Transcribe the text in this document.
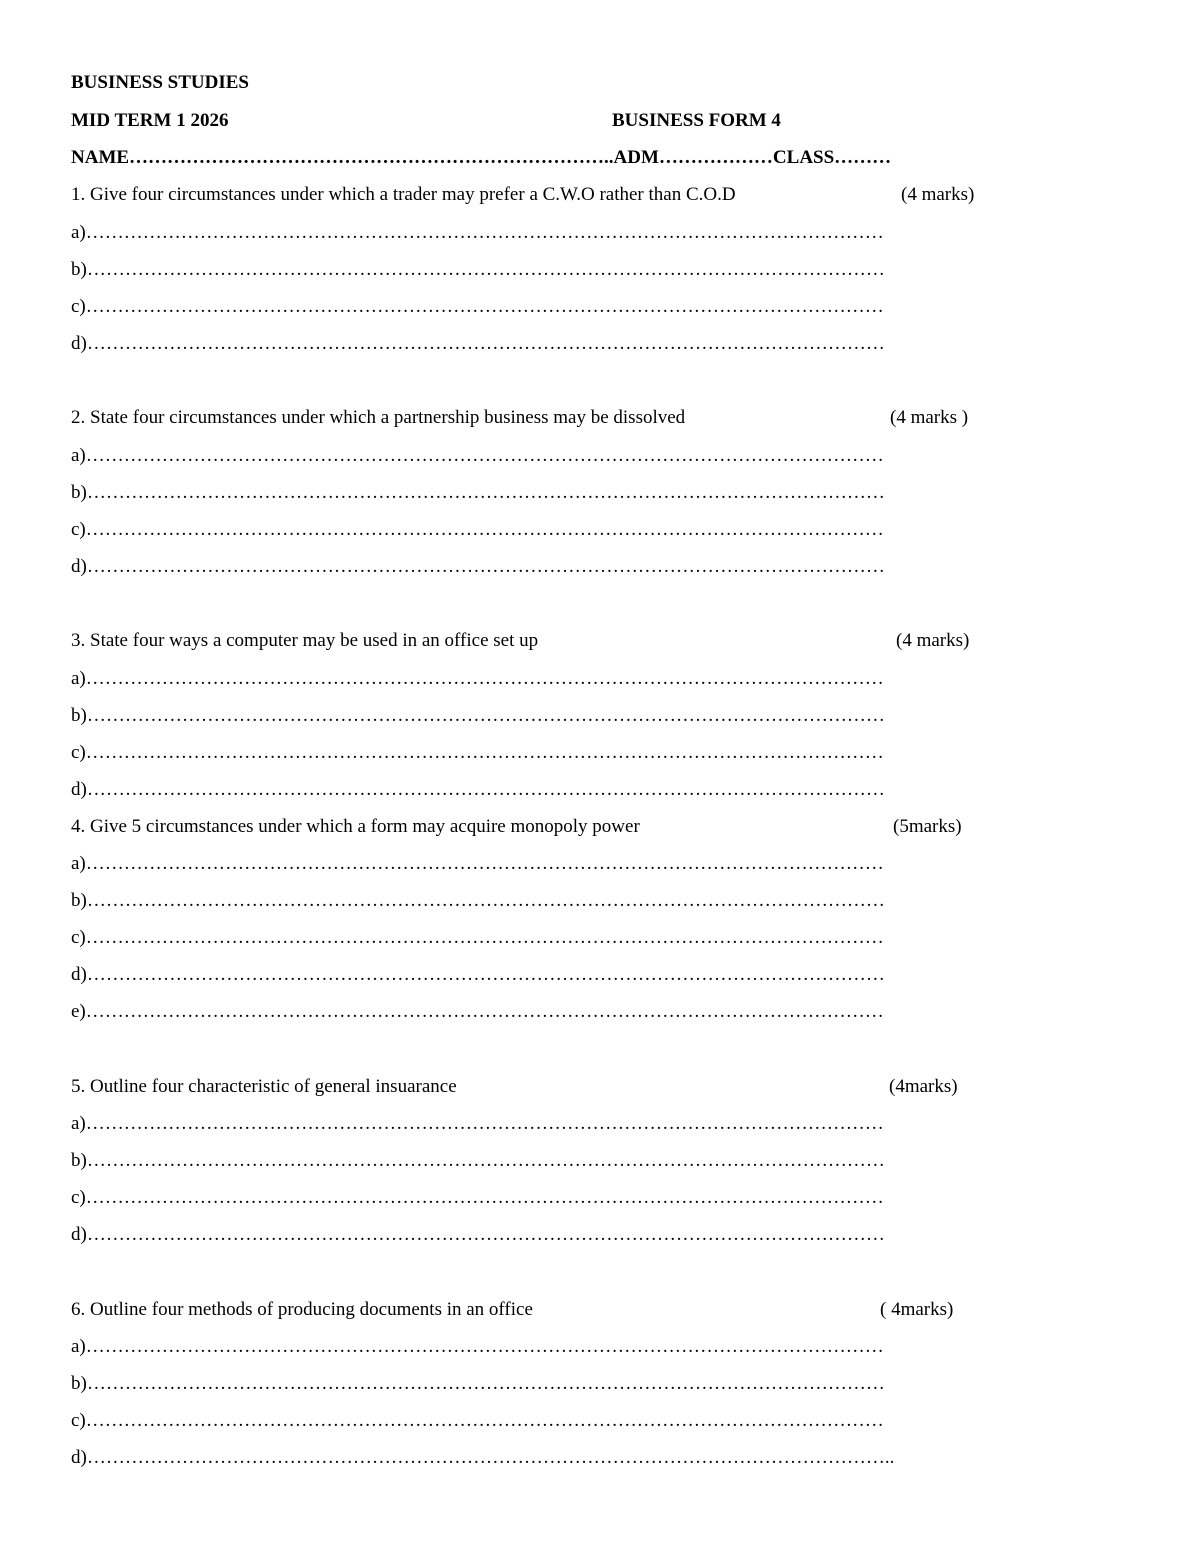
BUSINESS STUDIES
MID TERM 1 2026	BUSINESS FORM 4
NAME…………………………………………………………………..ADM………………CLASS………
1. Give four circumstances under which a trader may prefer a C.W.O rather than C.O.D	(4 marks)
a)………………………………………………………………………………………………………………
b)………………………………………………………………………………………………………………
c)………………………………………………………………………………………………………………
d)………………………………………………………………………………………………………………
2. State four circumstances under which a partnership business may be dissolved	(4 marks )
a)………………………………………………………………………………………………………………
b)………………………………………………………………………………………………………………
c)………………………………………………………………………………………………………………
d)………………………………………………………………………………………………………………
3. State four ways a computer may be used in an office set up	(4 marks)
a)………………………………………………………………………………………………………………
b)………………………………………………………………………………………………………………
c)………………………………………………………………………………………………………………
d)………………………………………………………………………………………………………………
4. Give 5 circumstances under which a form may acquire monopoly power	(5marks)
a)………………………………………………………………………………………………………………
b)………………………………………………………………………………………………………………
c)………………………………………………………………………………………………………………
d)………………………………………………………………………………………………………………
e)………………………………………………………………………………………………………………
5. Outline four characteristic of general insuarance	(4marks)
a)………………………………………………………………………………………………………………
b)………………………………………………………………………………………………………………
c)………………………………………………………………………………………………………………
d)………………………………………………………………………………………………………………
6. Outline four methods of producing documents in an office	( 4marks)
a)………………………………………………………………………………………………………………
b)………………………………………………………………………………………………………………
c)………………………………………………………………………………………………………………
d)………………………………………………………………………………………………………………..
